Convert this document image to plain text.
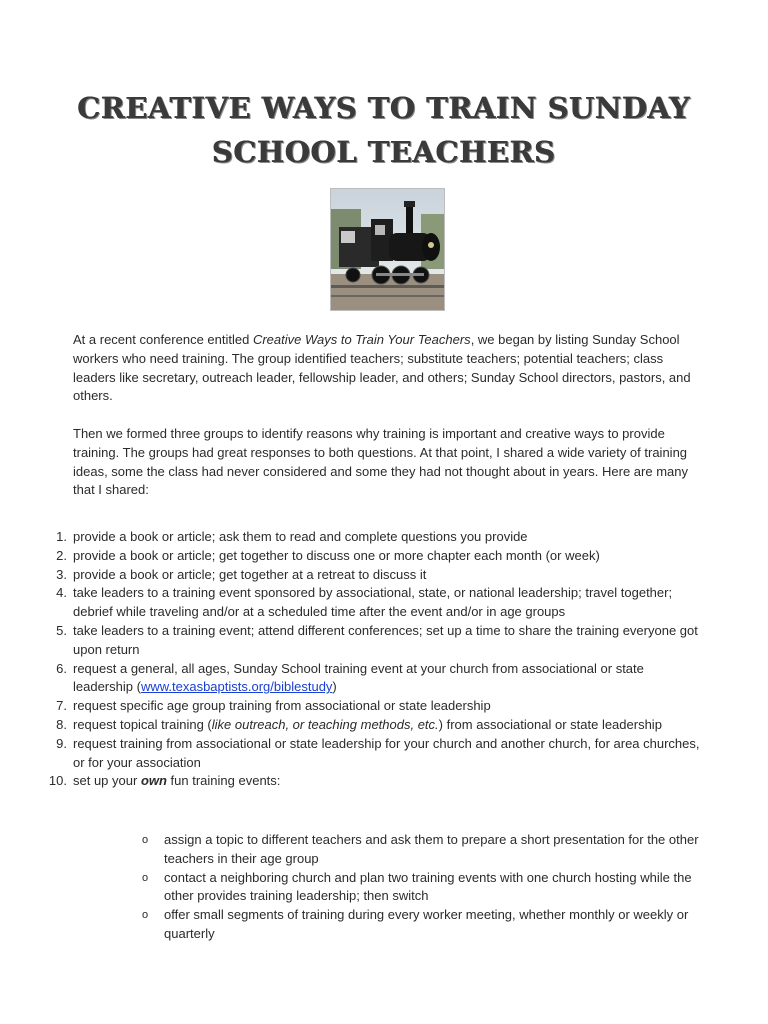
CREATIVE WAYS TO TRAIN SUNDAY SCHOOL TEACHERS

At a recent conference entitled Creative Ways to Train Your Teachers, we began by listing Sunday School workers who need training. The group identified teachers; substitute teachers; potential teachers; class leaders like secretary, outreach leader, fellowship leader, and others; Sunday School directors, pastors, and others.

Then we formed three groups to identify reasons why training is important and creative ways to provide training. The groups had great responses to both questions. At that point, I shared a wide variety of training ideas, some the class had never considered and some they had not thought about in years. Here are many that I shared:

1. provide a book or article; ask them to read and complete questions you provide
2. provide a book or article; get together to discuss one or more chapter each month (or week)
3. provide a book or article; get together at a retreat to discuss it
4. take leaders to a training event sponsored by associational, state, or national leadership; travel together; debrief while traveling and/or at a scheduled time after the event and/or in age groups
5. take leaders to a training event; attend different conferences; set up a time to share the training everyone got upon return
6. request a general, all ages, Sunday School training event at your church from associational or state leadership (www.texasbaptists.org/biblestudy)
7. request specific age group training from associational or state leadership
8. request topical training (like outreach, or teaching methods, etc.) from associational or state leadership
9. request training from associational or state leadership for your church and another church, for area churches, or for your association
10. set up your own fun training events:
o assign a topic to different teachers and ask them to prepare a short presentation for the other teachers in their age group
o contact a neighboring church and plan two training events with one church hosting while the other provides training leadership; then switch
o offer small segments of training during every worker meeting, whether monthly or weekly or quarterly
